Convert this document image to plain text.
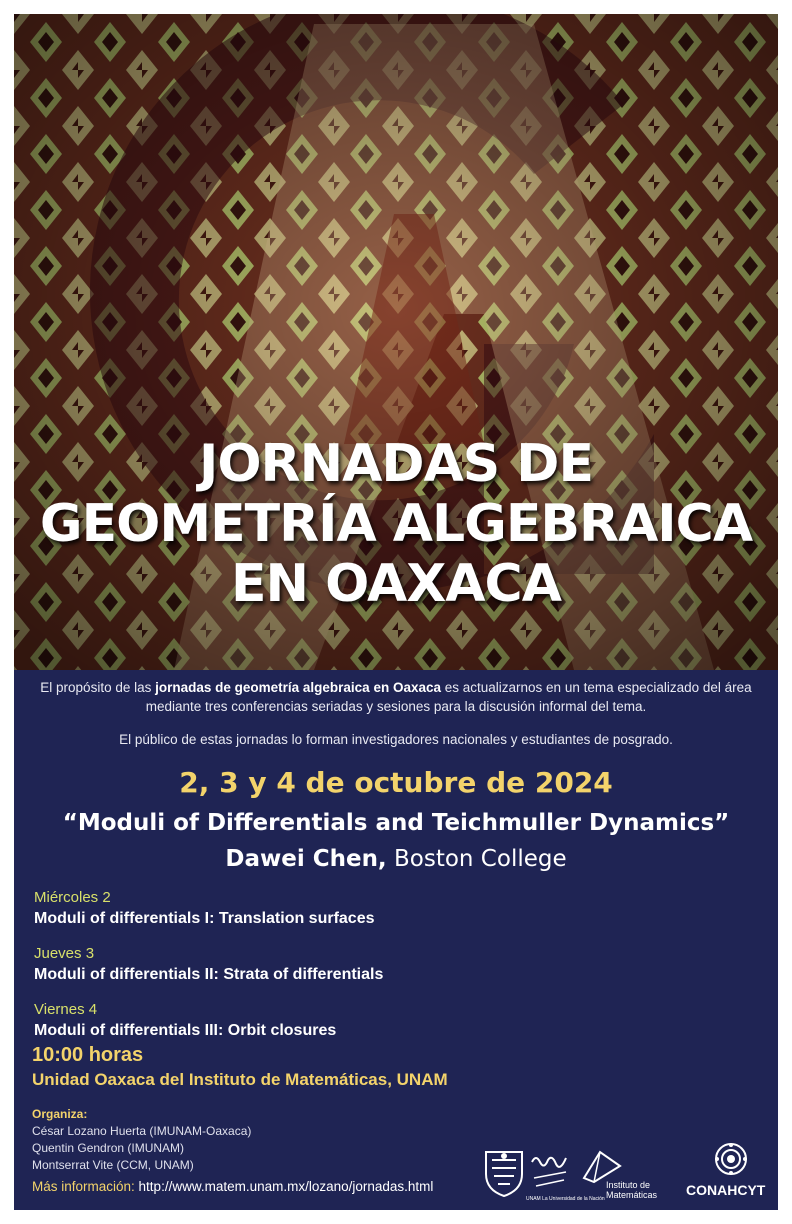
JORNADAS DE
GEOMETRÍA ALGEBRAICA
EN OAXACA
El propósito de las jornadas de geometría algebraica en Oaxaca es actualizarnos en un tema especializado del área mediante tres conferencias seriadas y sesiones para la discusión informal del tema.
El público de estas jornadas lo forman investigadores nacionales y estudiantes de posgrado.
2, 3 y 4 de octubre de 2024
“Moduli of Differentials and Teichmuller Dynamics”
Dawei Chen, Boston College
Miércoles 2
Moduli of differentials I: Translation surfaces
Jueves 3
Moduli of differentials II: Strata of differentials
Viernes 4
Moduli of differentials III: Orbit closures
10:00 horas
Unidad Oaxaca del Instituto de Matemáticas, UNAM
Organiza:
César Lozano Huerta (IMUNAM-Oaxaca)
Quentin Gendron (IMUNAM)
Montserrat Vite (CCM, UNAM)
Más información: http://www.matem.unam.mx/lozano/jornadas.html
UNAM La Universidad de la Nación
Instituto de
Matemáticas CONAHCYT
